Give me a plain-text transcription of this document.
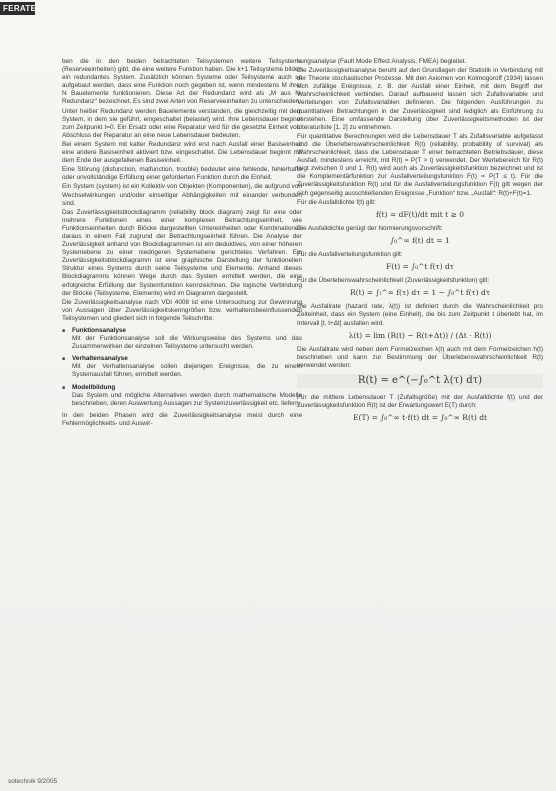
FERATE

ben die in den beiden betrachteten Teilsystemen weitere Teilsysteme (Reserveeinheiten) gibt, die eine weitere Funktion haben. Die k+1 Teilsysteme bilden ein redundantes System. Zusätzlich können Systeme oder Teilsysteme auch so aufgebaut werden, dass eine Funktion noch gegeben ist, wenn mindestens M ihrer N Bauelemente funktionieren. Diese Art der Redundanz wird als „M aus N-Redundanz“ bezeichnet. Es sind zwei Arten von Reserveeinheiten zu unterscheiden.

Unter heißer Redundanz werden Bauelemente verstanden, die gleichzeitig mit dem System, in dem sie geführt, eingeschaltet (belastet) wird. Ihre Lebensdauer beginnt zum Zeitpunkt t=0. Ein Ersatz oder eine Reparatur wird für die gesetzte Einheit vom Abschluss der Reparatur an eine neue Lebensdauer bedeuten.

Bei einem System mit kalter Redundanz wird erst nach Ausfall einer Basiseinheit eine andere Basiseinheit aktiviert bzw. eingeschaltet. Die Lebensdauer beginnt mit dem Ende der ausgefallenen Basiseinheit.

Eine Störung (disfunction, malfunction, trouble) bedeutet eine fehlende, fehlerhafte oder unvollständige Erfüllung einer geforderten Funktion durch die Einheit.

Ein System (system) ist ein Kollektiv von Objekten (Komponenten), die aufgrund von Wechselwirkungen und/oder einseitiger Abhängigkeiten mit einander verbunden sind.

Das Zuverlässigkeitsblockdiagramm (reliability block diagram) zeigt für eine oder mehrere Funktionen eines einer komplexen Betrachtungseinheit, wie Funktionseinheiten durch Blöcke dargestellten Untereinheiten oder Kombinationen daraus in einem Fall zugrund der Betrachtungseinheit führen. Die Analyse der Zuverlässigkeit anhand von Blockdiagrammen ist ein deduktives, von einer höheren Systemebene zu einer niedrigeren Systemebene gerichtetes Verfahren. Ein Zuverlässigkeitsblockdiagramm ist eine graphische Darstellung der funktionellen Struktur eines Systems durch seine Teilsysteme und Elemente. Anhand dieses Blockdiagramms können Wege durch das System ermittelt werden, die eine erfolgreiche Erfüllung der Systemfunktion kennzeichnen. Die logische Verbindung der Blöcke (Teilsysteme, Elemente) wird im Diagramm dargestellt.

Die Zuverlässigkeitsanalyse nach VDI 4008 ist eine Untersuchung zur Gewinnung von Aussagen über Zuverlässigkeitskenngrößen bzw. verhaltensbeeinflussenden Teilsystemen und gliedert sich in folgende Teilschritte:

■ Funktionsanalyse
Mit der Funktionsanalyse soll die Wirkungsweise des Systems und das Zusammenwirken der einzelnen Teilsysteme untersucht werden.
■ Verhaltensanalyse
Mit der Verhaltensanalyse sollen diejenigen Ereignisse, die zu einem Systemausfall führen, ermittelt werden.
■ Modellbildung
Das System und mögliche Alternativen werden durch mathematische Modelle beschrieben, deren Auswertung Aussagen zur Systemzuverlässigkeit etc. liefern.

In den beiden Phasen wird die Zuverlässigkeitsanalyse meist durch eine Fehlermöglichkeits- und Auswir-

kungsanalyse (Fault Mode Effect Analysis, FMEA) begleitet.

Die Zuverlässigkeitsanalyse beruht auf den Grundlagen der Statistik in Verbindung mit der Theorie stochastischer Prozesse. Mit den Axiomen von Kolmogoroff (1934) lassen sich zufällige Ereignisse, z. B. der Ausfall einer Einheit, mit dem Begriff der Wahrscheinlichkeit verbinden. Darauf aufbauend lassen sich Zufallsvariable und Verteilungen von Zufallsvariablen definieren. Die folgenden Ausführungen zu quantitativen Betrachtungen in der Zuverlässigkeit sind lediglich als Einführung zu verstehen. Eine umfassende Darstellung über Zuverlässigkeitsmethoden ist der Literaturliste [1, 2] zu entnehmen.

Für quantitative Berechnungen wird die Lebensdauer T als Zufallsvariable aufgefasst und die Überlebenswahrscheinlichkeit R(t) (reliability, probability of survival) als Wahrscheinlichkeit, dass die Lebensdauer T einer betrachteten Betriebsdauer, diese Ausfall, mindestens erreicht, mit R(t) = P(T > t) verwendet. Der Wertebereich für R(t) liegt zwischen 0 und 1. R(t) wird auch als Zuverlässigkeitsfunktion bezeichnet und ist die Komplementärfunktion zur Ausfallverteilungsfunktion F(t) = P(T ≤ t). Für die Zuverlässigkeitsfunktion R(t) und für die Ausfallverteilungsfunktion F(t) gilt wegen der sich gegenseitig ausschließenden Ereignisse „Funktion“ bzw. „Ausfall“: R(t)+F(t)=1.

Für die Ausfalldichte f(t) gilt:

f(t) = dF(t)/dt mit t ≥ 0

Die Ausfalldichte genügt der Normierungsvorschrift:

∫₀^∞ f(t) dt = 1

Für die Ausfallverteilungsfunktion gilt:

F(t) = ∫₀^t f(τ) dτ

Für die Überlebenswahrscheinlichkeit (Zuverlässigkeitsfunktion) gilt:

R(t) = ∫ₜ^∞ f(τ) dτ = 1 − ∫₀^t f(τ) dτ

Die Ausfallrate (hazard rate, λ(t)) ist definiert durch die Wahrscheinlichkeit pro Zeiteinheit, dass ein System (eine Einheit), die bis zum Zeitpunkt t überlebt hat, im Intervall [t, t+Δt] ausfallen wird.

λ(t) = lim (R(t) − R(t+Δt)) / (Δt · R(t))

Die Ausfallrate wird neben dem Formelzeichen λ(t) auch mit dem Formelzeichen h(t) beschrieben und kann zur Bestimmung der Überlebenswahrscheinlichkeit R(t) verwendet werden:

R(t) = e^(−∫₀^t λ(τ) dτ)

Für die mittlere Lebensdauer T (Zufallsgröße) mit der Ausfalldichte f(t) und der Zuverlässigkeitsfunktion R(t) ist der Erwartungswert E(T) durch:

E(T) = ∫₀^∞ t·f(t) dt = ∫₀^∞ R(t) dt
sotechnik 9/2005
